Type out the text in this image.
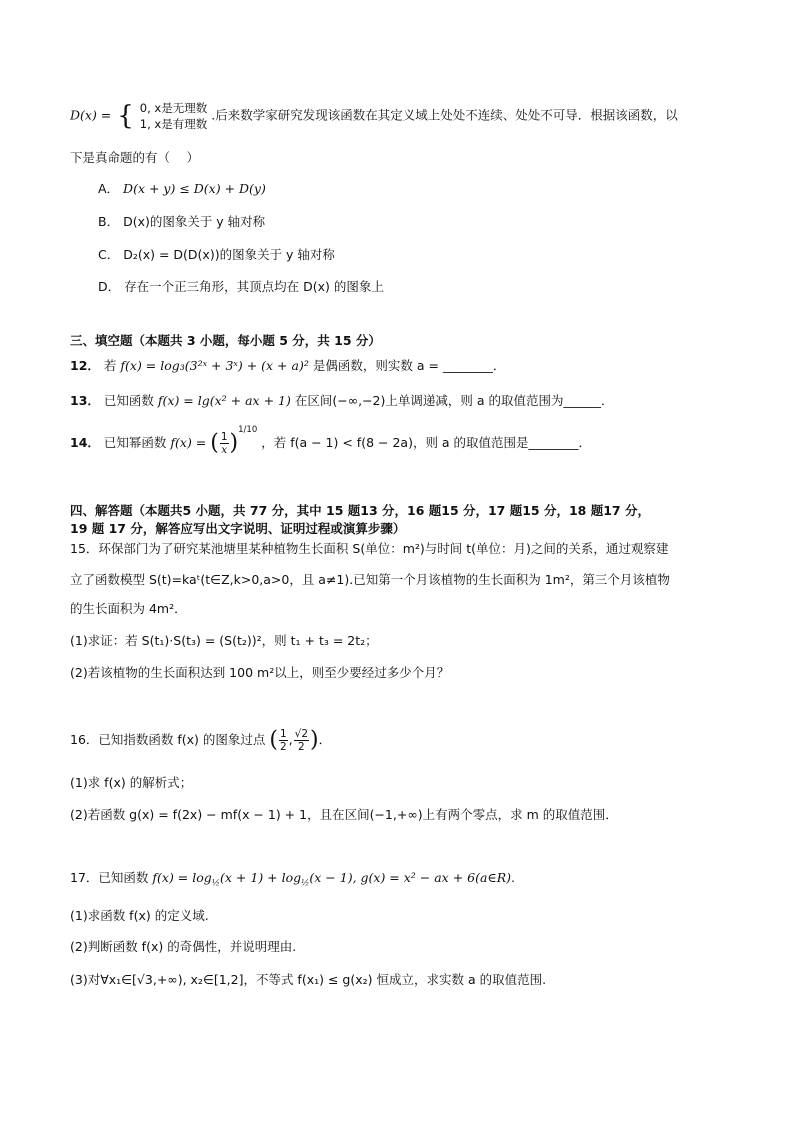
D(x) = { 0, x是无理数
1, x是有理数
.后来数学家研究发现该函数在其定义域上处处不连续、处处不可导．根据该函数，以
下是真命题的有（　 ）
A． D(x + y) ≤ D(x) + D(y)
B． D(x)的图象关于 y 轴对称
C． D₂(x) = D(D(x))的图象关于 y 轴对称
D． 存在一个正三角形，其顶点均在 D(x) 的图象上
三、填空题（本题共 3 小题，每小题 5 分，共 15 分）
12． 若 f(x) = log₃(3²ˣ + 3ˣ) + (x + a)² 是偶函数，则实数 a = ________．
13． 已知函数 f(x) = lg(x² + ax + 1) 在区间(−∞,−2)上单调递减，则 a 的取值范围为______．
14． 已知幂函数 f(x) = ( $\frac{1}{x} )^{1/10}$ ，若 f(a − 1) < f(8 − 2a)，则 a 的取值范围是________．
四、解答题（本题共5 小题，共 77 分，其中 15 题13 分，16 题15 分，17 题15 分，18 题17 分，
19 题 17 分，解答应写出文字说明、证明过程或演算步骤）
15．环保部门为了研究某池塘里某种植物生长面积 S(单位：m²)与时间 t(单位：月)之间的关系，通过观察建
立了函数模型 S(t)=kaᵗ(t∈Z,k>0,a>0，且 a≠1).已知第一个月该植物的生长面积为 1m²，第三个月该植物
的生长面积为 4m²．
(1)求证：若 S(t₁)·S(t₃) = (S(t₂))²，则 t₁ + t₃ = 2t₂；
(2)若该植物的生长面积达到 100 m²以上，则至少要经过多少个月？
16．已知指数函数 f(x) 的图象过点 ( $\frac{1}{2}$ , $\frac{√2}{2}$ )．
(1)求 f(x) 的解析式；
(2)若函数 g(x) = f(2x) − mf(x − 1) + 1，且在区间(−1,+∞)上有两个零点，求 m 的取值范围．
17．已知函数 $f(x) = \log_{\frac{1}{2}}(x + 1) + \log_{\frac{1}{2}}(x - 1)$, g(x) = x² − ax + 6(a∈R).
(1)求函数 f(x) 的定义域.
(2)判断函数 f(x) 的奇偶性，并说明理由.
(3)对∀x₁∈[√3,+∞), x₂∈[1,2]，不等式 f(x₁) ≤ g(x₂) 恒成立，求实数 a 的取值范围.
